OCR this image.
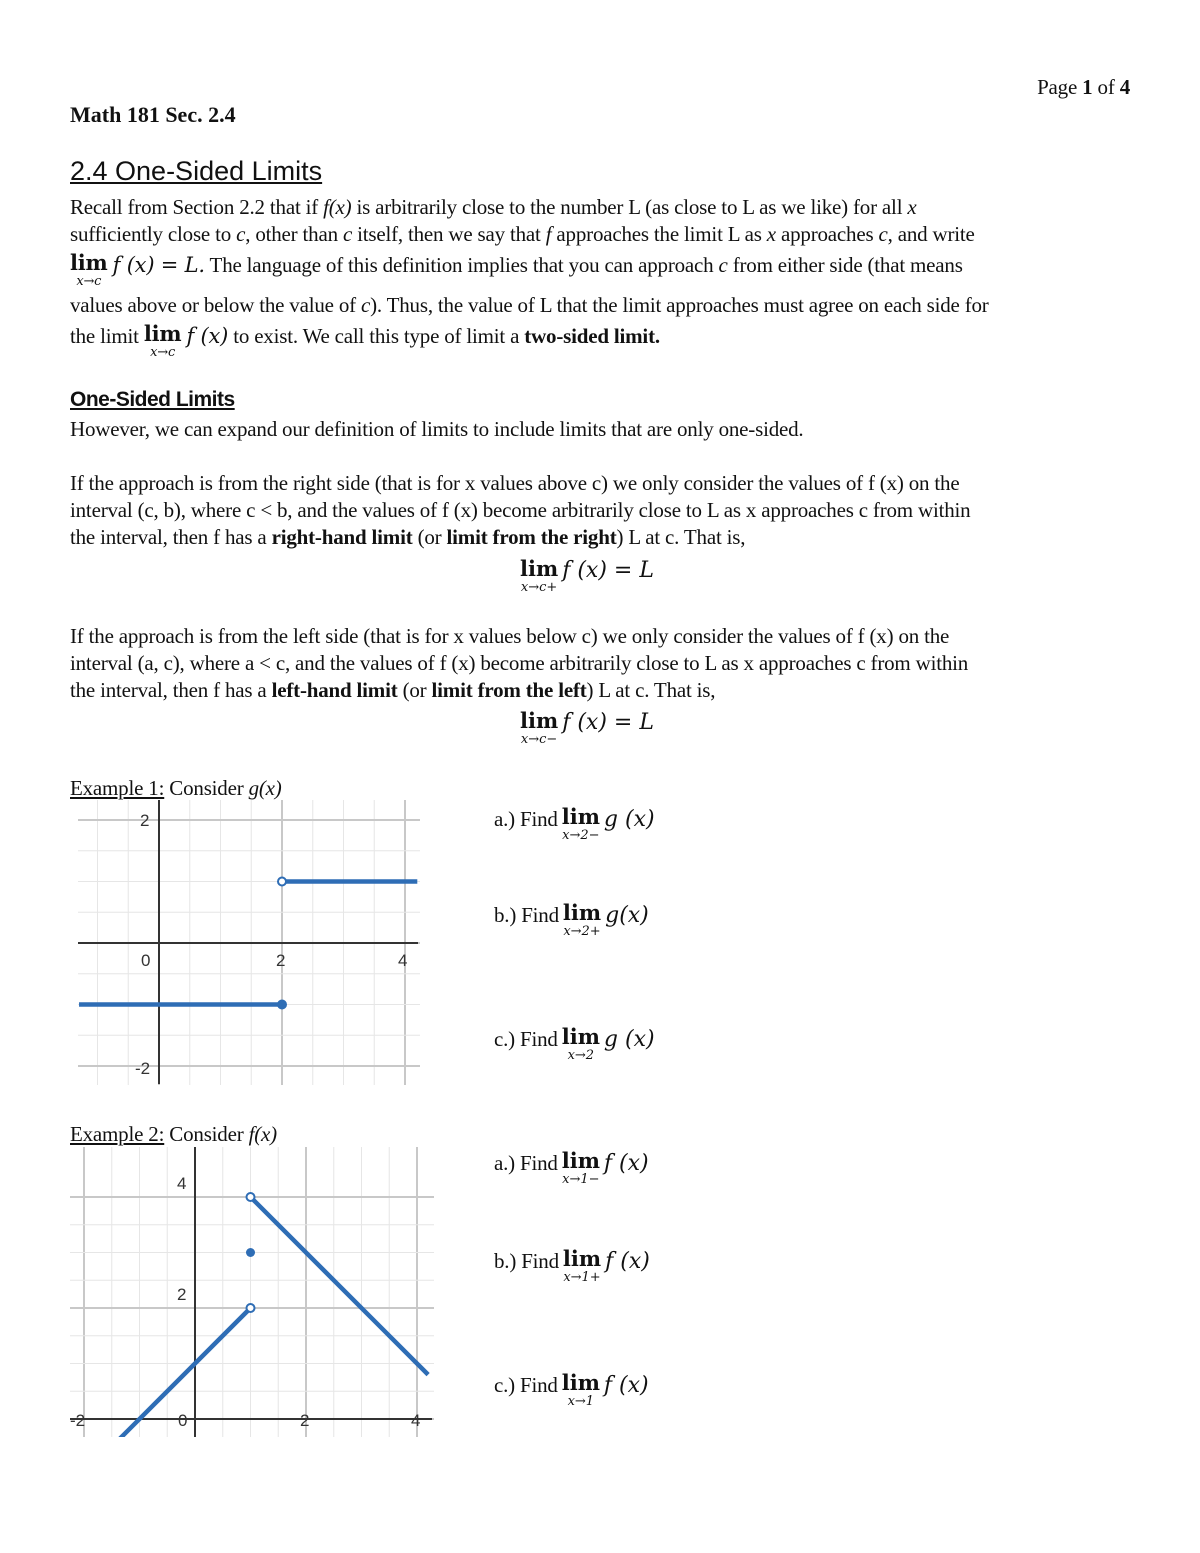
Page 1 of 4
Math 181 Sec. 2.4
2.4 One-Sided Limits
Recall from Section 2.2 that if f(x) is arbitrarily close to the number L (as close to L as we like) for all x
sufficiently close to c, other than c itself, then we say that f approaches the limit L as x approaches c, and write
lim
x→c
f (x) = L. The language of this definition implies that you can approach c from either side (that means
values above or below the value of c). Thus, the value of L that the limit approaches must agree on each side for
the limit lim
x→c
f (x) to exist. We call this type of limit a two-sided limit.
One-Sided Limits
However, we can expand our definition of limits to include limits that are only one-sided.
If the approach is from the right side (that is for x values above c) we only consider the values of f (x) on the
interval (c, b), where c < b, and the values of f (x) become arbitrarily close to L as x approaches c from within
the interval, then f has a right-hand limit (or limit from the right) L at c. That is,
lim
x→c+
f (x) = L
If the approach is from the left side (that is for x values below c) we only consider the values of f (x) on the
interval (a, c), where a < c, and the values of f (x) become arbitrarily close to L as x approaches c from within
the interval, then f has a left-hand limit (or limit from the left) L at c. That is,
lim
x→c−
f (x) = L
Example 1: Consider g(x)
2
-2
0	2	4
a.) Find lim
x→2−
g (x)
b.) Find lim
x→2+
g(x)
c.) Find lim
x→2
g (x)
Example 2: Consider f(x)
4
2
-2	0	2	4
a.) Find lim
x→1−
f (x)
b.) Find lim
x→1+
f (x)
c.) Find lim
x→1
f (x)
